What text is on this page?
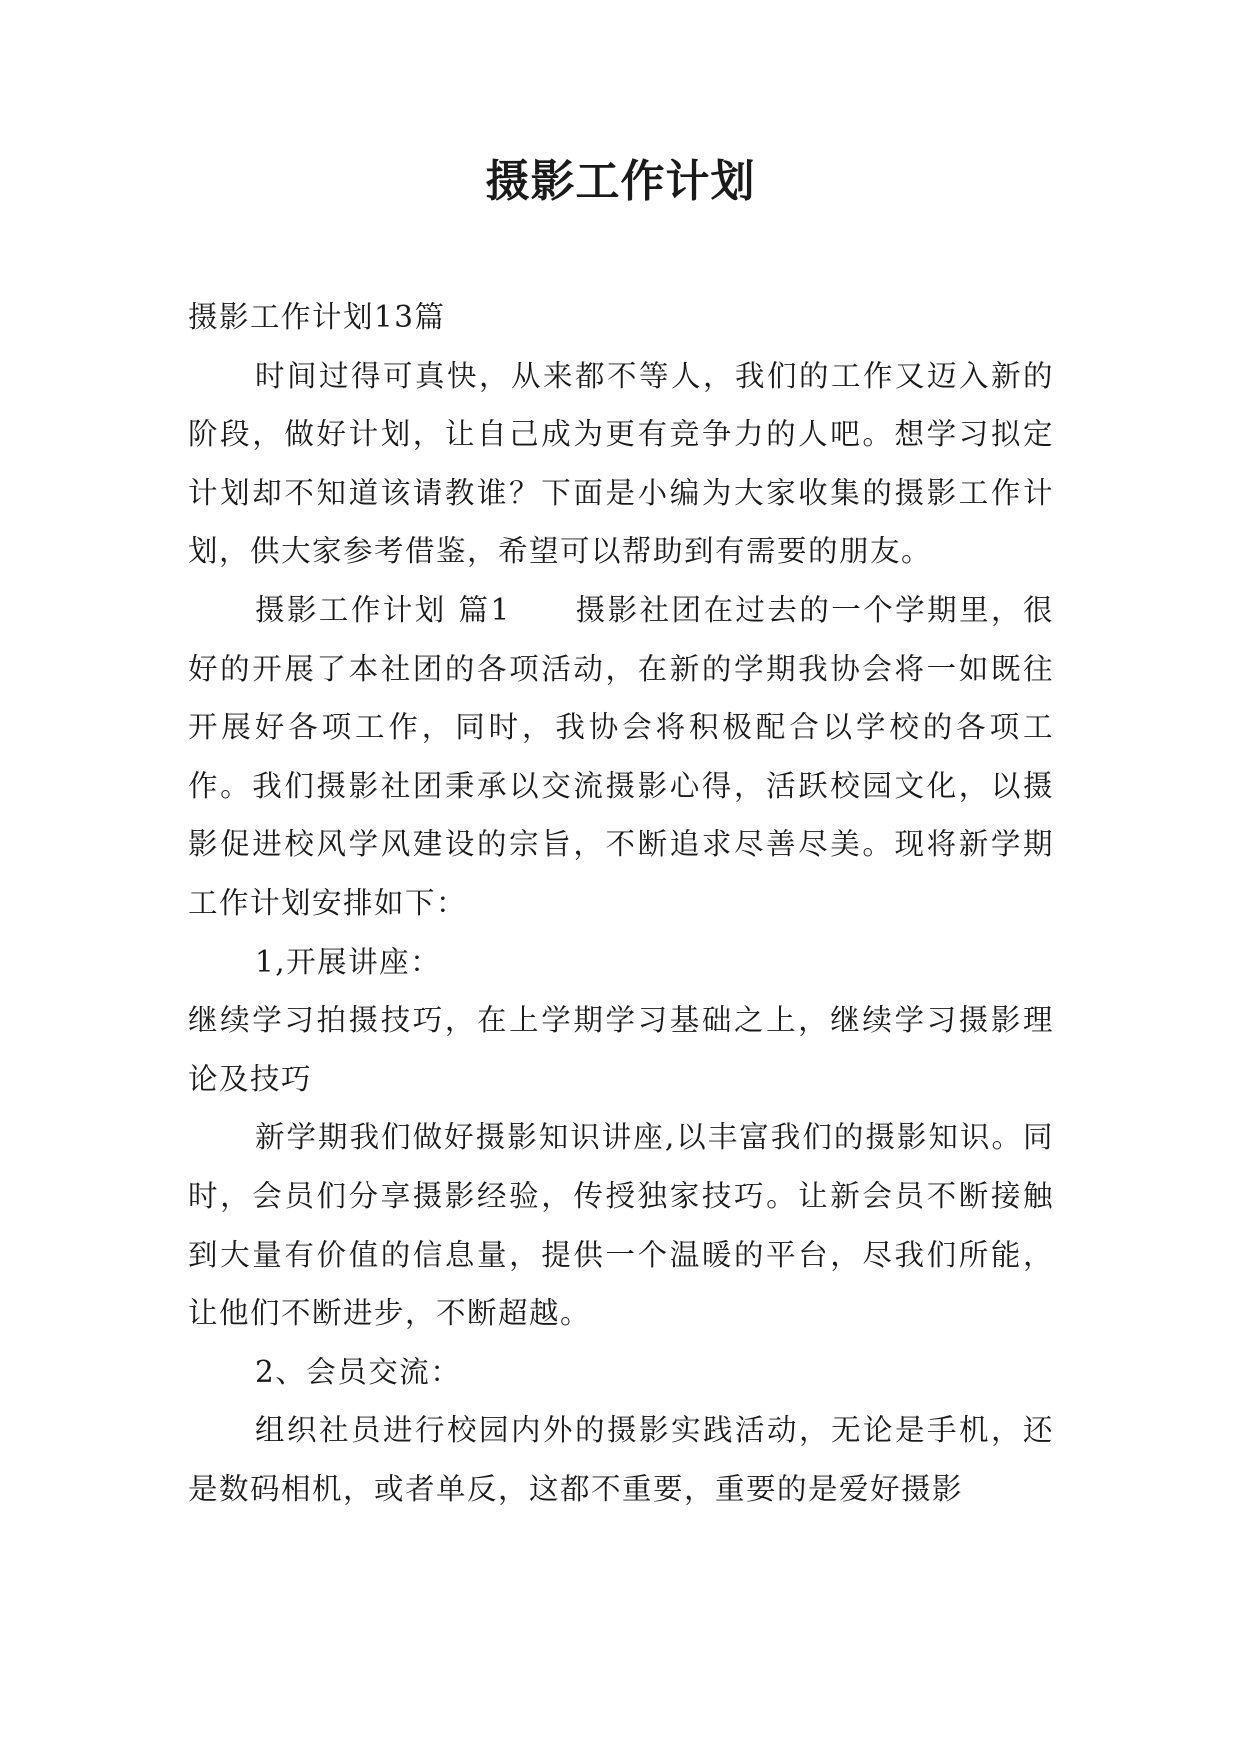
摄影工作计划

摄影工作计划13篇

时间过得可真快，从来都不等人，我们的工作又迈入新的阶段，做好计划，让自己成为更有竞争力的人吧。想学习拟定计划却不知道该请教谁？下面是小编为大家收集的摄影工作计划，供大家参考借鉴，希望可以帮助到有需要的朋友。

摄影工作计划 篇1　　摄影社团在过去的一个学期里，很好的开展了本社团的各项活动，在新的学期我协会将一如既往开展好各项工作，同时，我协会将积极配合以学校的各项工作。我们摄影社团秉承以交流摄影心得，活跃校园文化，以摄影促进校风学风建设的宗旨，不断追求尽善尽美。现将新学期工作计划安排如下：

1,开展讲座：

继续学习拍摄技巧，在上学期学习基础之上，继续学习摄影理论及技巧

新学期我们做好摄影知识讲座,以丰富我们的摄影知识。同时，会员们分享摄影经验，传授独家技巧。让新会员不断接触到大量有价值的信息量，提供一个温暖的平台，尽我们所能，让他们不断进步，不断超越。

2、会员交流：

组织社员进行校园内外的摄影实践活动，无论是手机，还是数码相机，或者单反，这都不重要，重要的是爱好摄影
